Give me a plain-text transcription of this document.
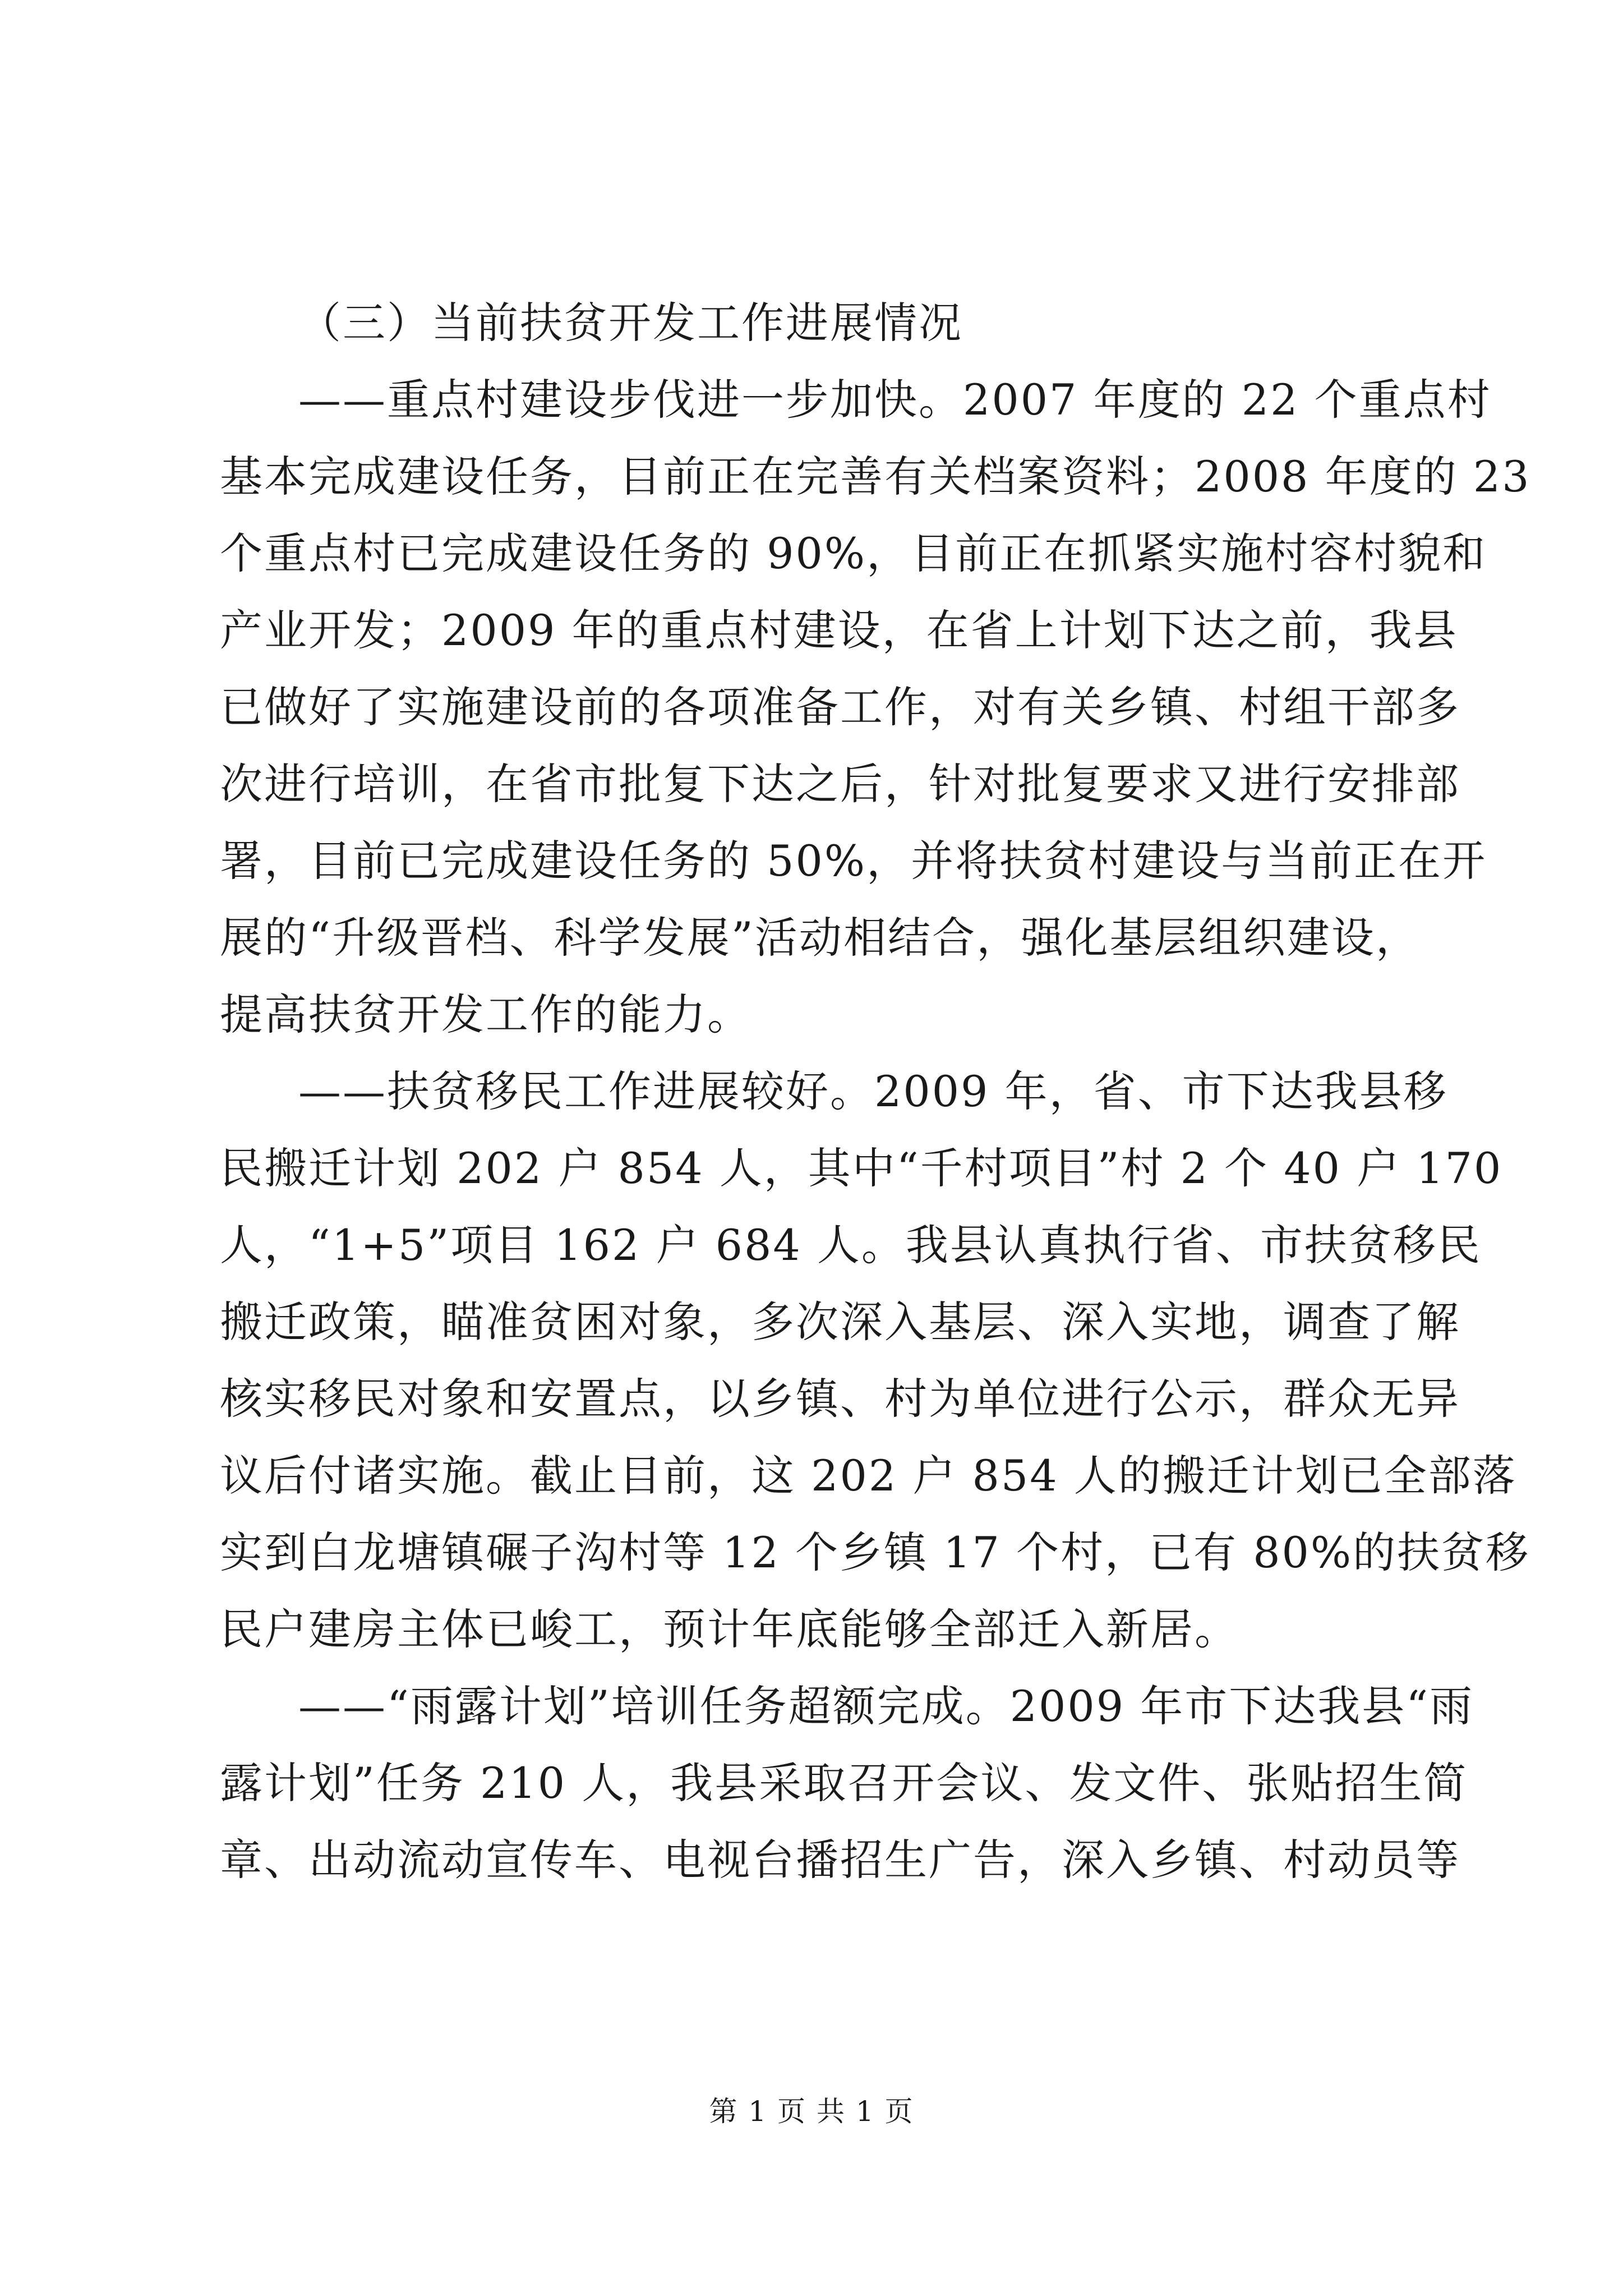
（三）当前扶贫开发工作进展情况
——重点村建设步伐进一步加快。2007 年度的 22 个重点村
基本完成建设任务，目前正在完善有关档案资料；2008 年度的 23
个重点村已完成建设任务的 90%，目前正在抓紧实施村容村貌和
产业开发；2009 年的重点村建设，在省上计划下达之前，我县
已做好了实施建设前的各项准备工作，对有关乡镇、村组干部多
次进行培训，在省市批复下达之后，针对批复要求又进行安排部
署，目前已完成建设任务的 50%，并将扶贫村建设与当前正在开
展的“升级晋档、科学发展”活动相结合，强化基层组织建设，
提高扶贫开发工作的能力。
——扶贫移民工作进展较好。2009 年，省、市下达我县移
民搬迁计划 202 户 854 人，其中“千村项目”村 2 个 40 户 170
人，“1+5”项目 162 户 684 人。我县认真执行省、市扶贫移民
搬迁政策，瞄准贫困对象，多次深入基层、深入实地，调查了解
核实移民对象和安置点，以乡镇、村为单位进行公示，群众无异
议后付诸实施。截止目前，这 202 户 854 人的搬迁计划已全部落
实到白龙塘镇碾子沟村等 12 个乡镇 17 个村，已有 80%的扶贫移
民户建房主体已峻工，预计年底能够全部迁入新居。
——“雨露计划”培训任务超额完成。2009 年市下达我县“雨
露计划”任务 210 人，我县采取召开会议、发文件、张贴招生简
章、出动流动宣传车、电视台播招生广告，深入乡镇、村动员等
第 1 页 共 1 页
